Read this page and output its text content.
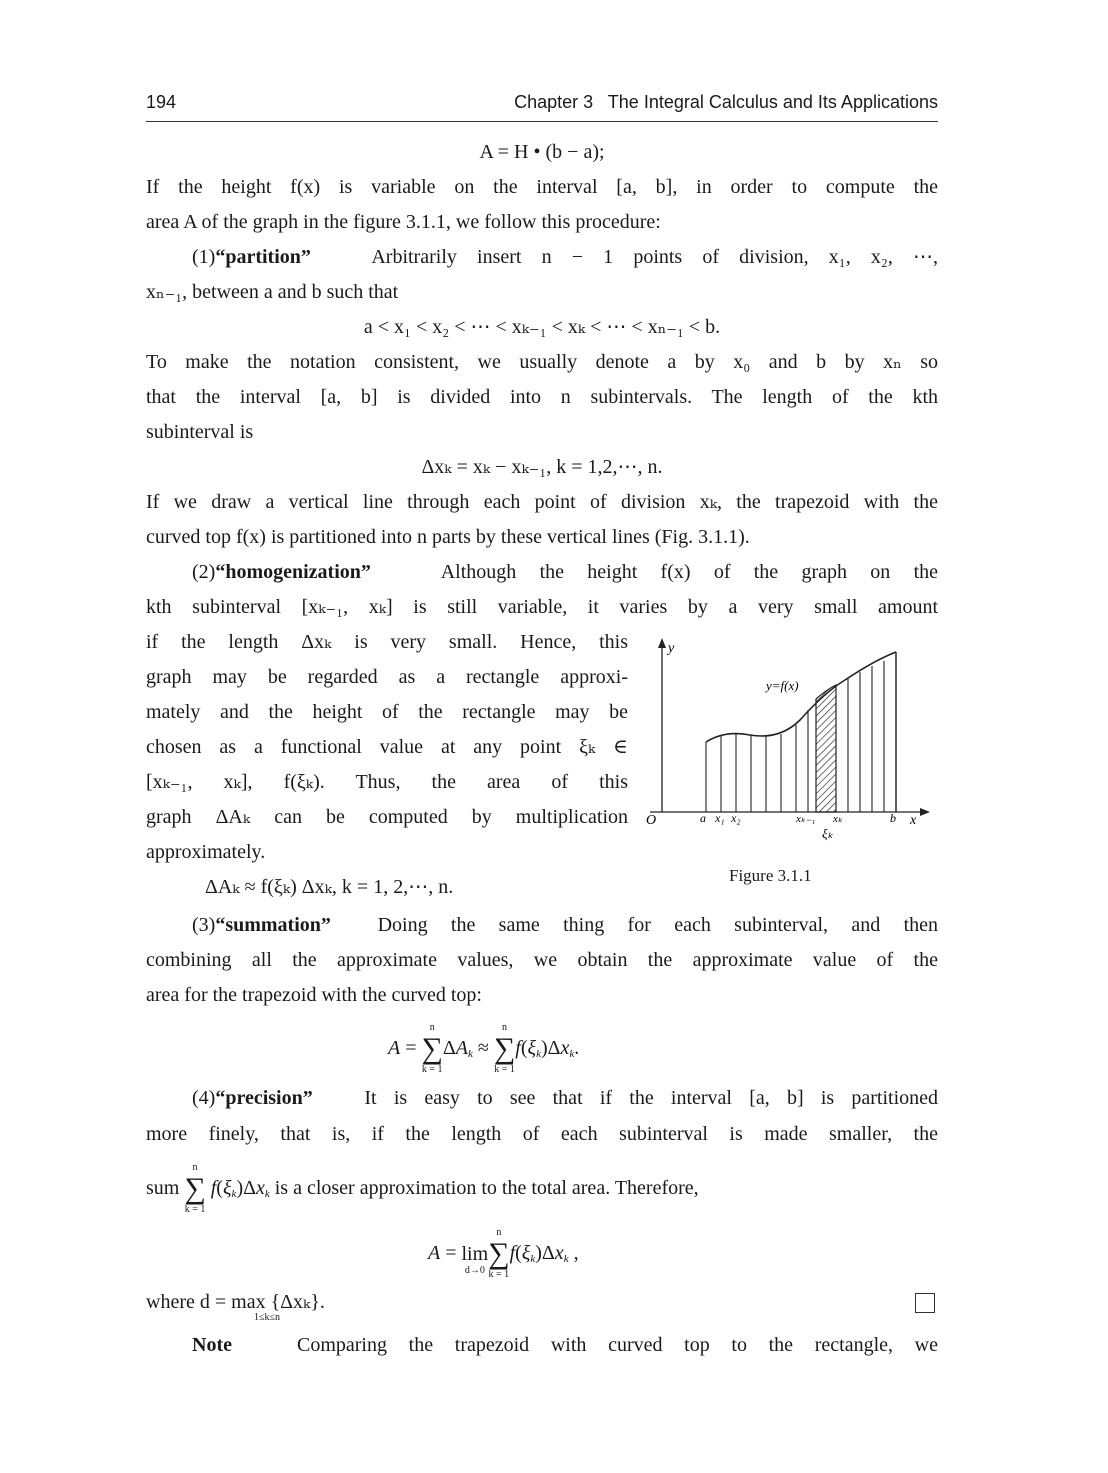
194	Chapter 3   The Integral Calculus and Its Applications
A = H • (b − a);
If the height f(x) is variable on the interval [a, b], in order to compute the
area A of the graph in the figure 3.1.1, we follow this procedure:
(1)“partition”	Arbitrarily insert n − 1 points of division, x₁, x₂, ⋯,
xₙ₋₁, between a and b such that
a < x₁ < x₂ < ⋯ < xₖ₋₁ < xₖ < ⋯ < xₙ₋₁ < b.
To make the notation consistent, we usually denote a by x₀ and b by xₙ so
that the interval [a, b] is divided into n subintervals. The length of the kth
subinterval is
Δxₖ = xₖ − xₖ₋₁, k = 1,2,⋯, n.
If we draw a vertical line through each point of division xₖ, the trapezoid with the
curved top f(x) is partitioned into n parts by these vertical lines (Fig. 3.1.1).
(2)“homogenization”	Although the height f(x) of the graph on the
kth subinterval [xₖ₋₁, xₖ] is still variable, it varies by a very small amount
if the length Δxₖ is very small. Hence, this
graph may be regarded as a rectangle approxi-
mately and the height of the rectangle may be
chosen as a functional value at any point ξₖ ∈
[xₖ₋₁, xₖ], f(ξₖ). Thus, the area of this
graph ΔAₖ can be computed by multiplication
approximately.
ΔAₖ ≈ f(ξₖ) Δxₖ, k = 1, 2,⋯, n.
y
y=f(x)
O	a x₁ x₂	xₖ₋₁ xₖ
ξₖ
b x
Figure 3.1.1
(3)“summation” Doing the same thing for each subinterval, and then
combining all the approximate values, we obtain the approximate value of the
area for the trapezoid with the curved top:
A =
n
∑
k = 1
$\Delta A_k$ ≈
n
∑
k = 1
$f(\xi_k)\Delta x_k$.
(4)“precision”	It is easy to see that if the interval [a, b] is partitioned
more finely, that is, if the length of each subinterval is made smaller, the
sum
n
∑
k = 1
$f(\xi_k)\Delta x_k$ is a closer approximation to the total area. Therefore,
A =
lim
d→0
n
∑
k = 1
$f(\xi_k)\Delta x_k$ ,
where d = max {Δxₖ}.
1≤k≤n
Note	Comparing the trapezoid with curved top to the rectangle, we
